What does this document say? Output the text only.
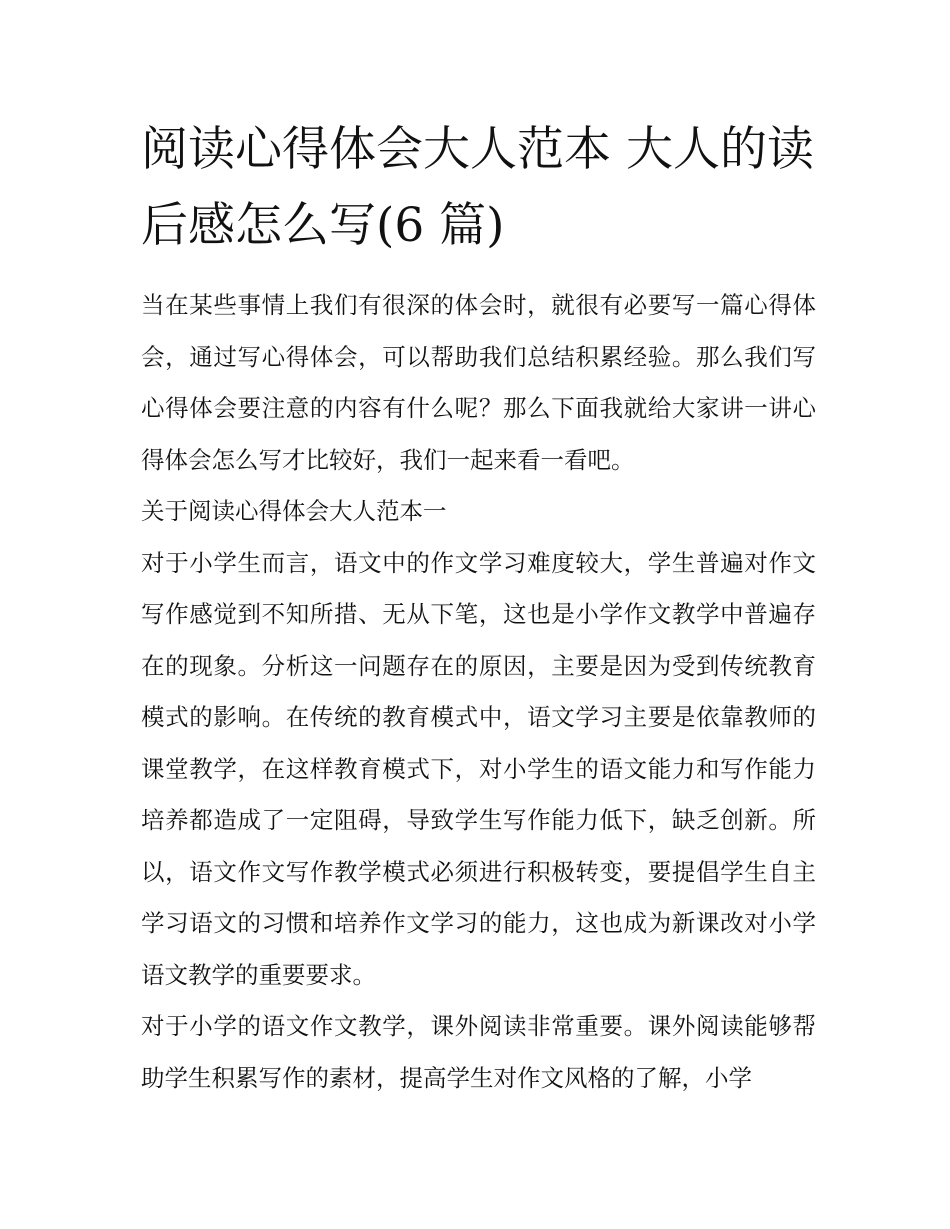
阅读心得体会大人范本 大人的读后感怎么写(6 篇)

当在某些事情上我们有很深的体会时，就很有必要写一篇心得体会，通过写心得体会，可以帮助我们总结积累经验。那么我们写心得体会要注意的内容有什么呢？那么下面我就给大家讲一讲心得体会怎么写才比较好，我们一起来看一看吧。

关于阅读心得体会大人范本一

对于小学生而言，语文中的作文学习难度较大，学生普遍对作文写作感觉到不知所措、无从下笔，这也是小学作文教学中普遍存在的现象。分析这一问题存在的原因，主要是因为受到传统教育模式的影响。在传统的教育模式中，语文学习主要是依靠教师的课堂教学，在这样教育模式下，对小学生的语文能力和写作能力培养都造成了一定阻碍，导致学生写作能力低下，缺乏创新。所以，语文作文写作教学模式必须进行积极转变，要提倡学生自主学习语文的习惯和培养作文学习的能力，这也成为新课改对小学语文教学的重要要求。

对于小学的语文作文教学，课外阅读非常重要。课外阅读能够帮助学生积累写作的素材，提高学生对作文风格的了解，小学
